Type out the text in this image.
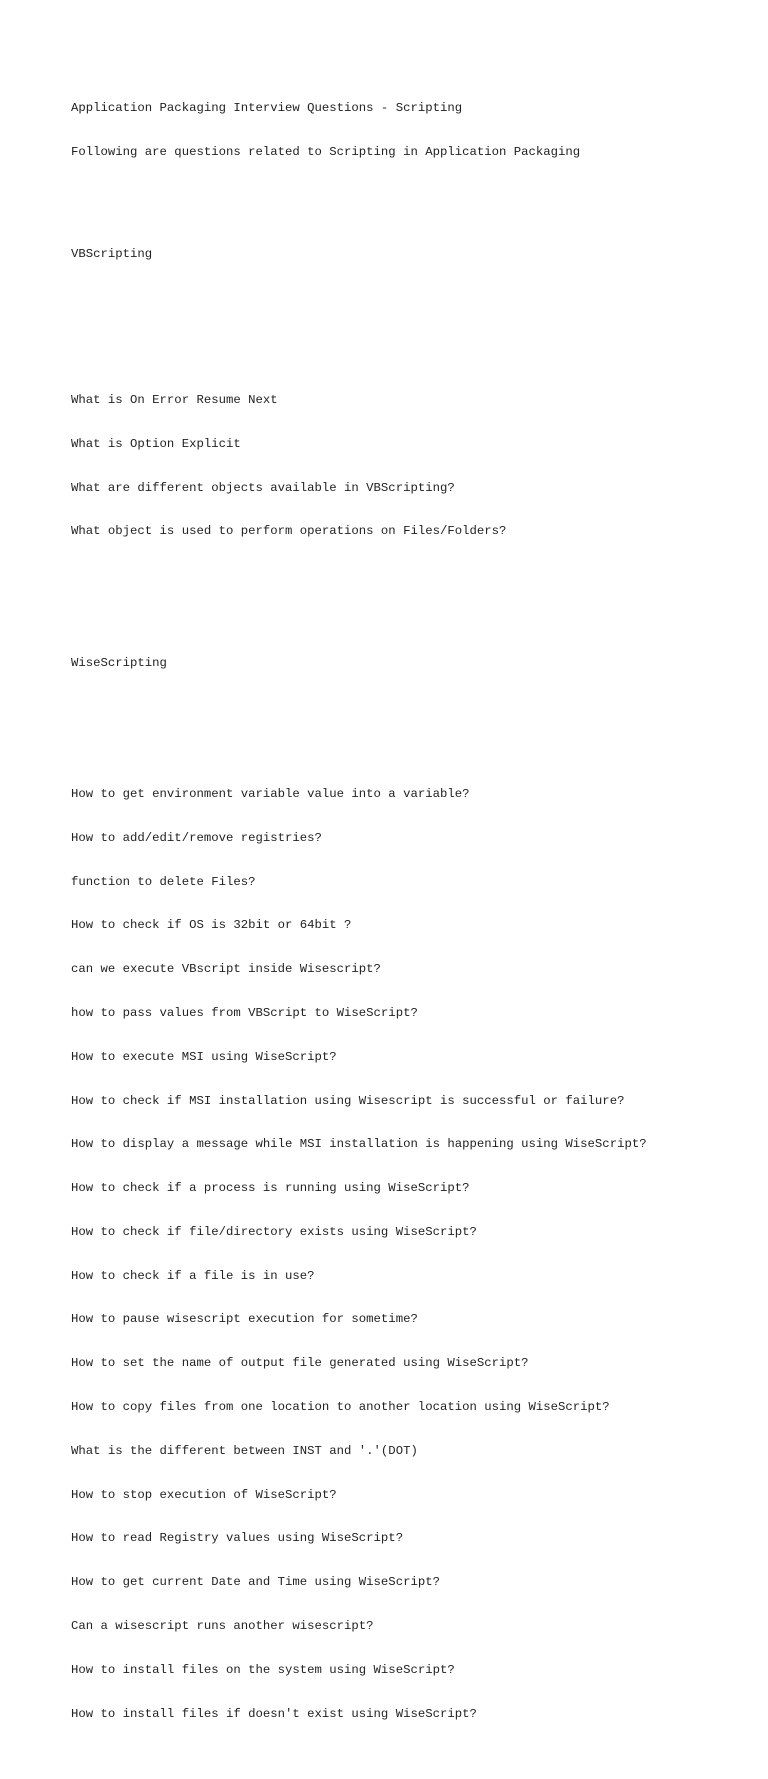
Application Packaging Interview Questions - Scripting

Following are questions related to Scripting in Application Packaging

VBScripting

What is On Error Resume Next

What is Option Explicit

What are different objects available in VBScripting?

What object is used to perform operations on Files/Folders?

WiseScripting

How to get environment variable value into a variable?

How to add/edit/remove registries?

function to delete Files?

How to check if OS is 32bit or 64bit ?

can we execute VBscript inside Wisescript?

how to pass values from VBScript to WiseScript?

How to execute MSI using WiseScript?

How to check if MSI installation using Wisescript is successful or failure?

How to display a message while MSI installation is happening using WiseScript?

How to check if a process is running using WiseScript?

How to check if file/directory exists using WiseScript?

How to check if a file is in use?

How to pause wisescript execution for sometime?

How to set the name of output file generated using WiseScript?

How to copy files from one location to another location using WiseScript?

What is the different between INST and '.'(DOT)

How to stop execution of WiseScript?

How to read Registry values using WiseScript?

How to get current Date and Time using WiseScript?

Can a wisescript runs another wisescript?

How to install files on the system using WiseScript?

How to install files if doesn't exist using WiseScript?
